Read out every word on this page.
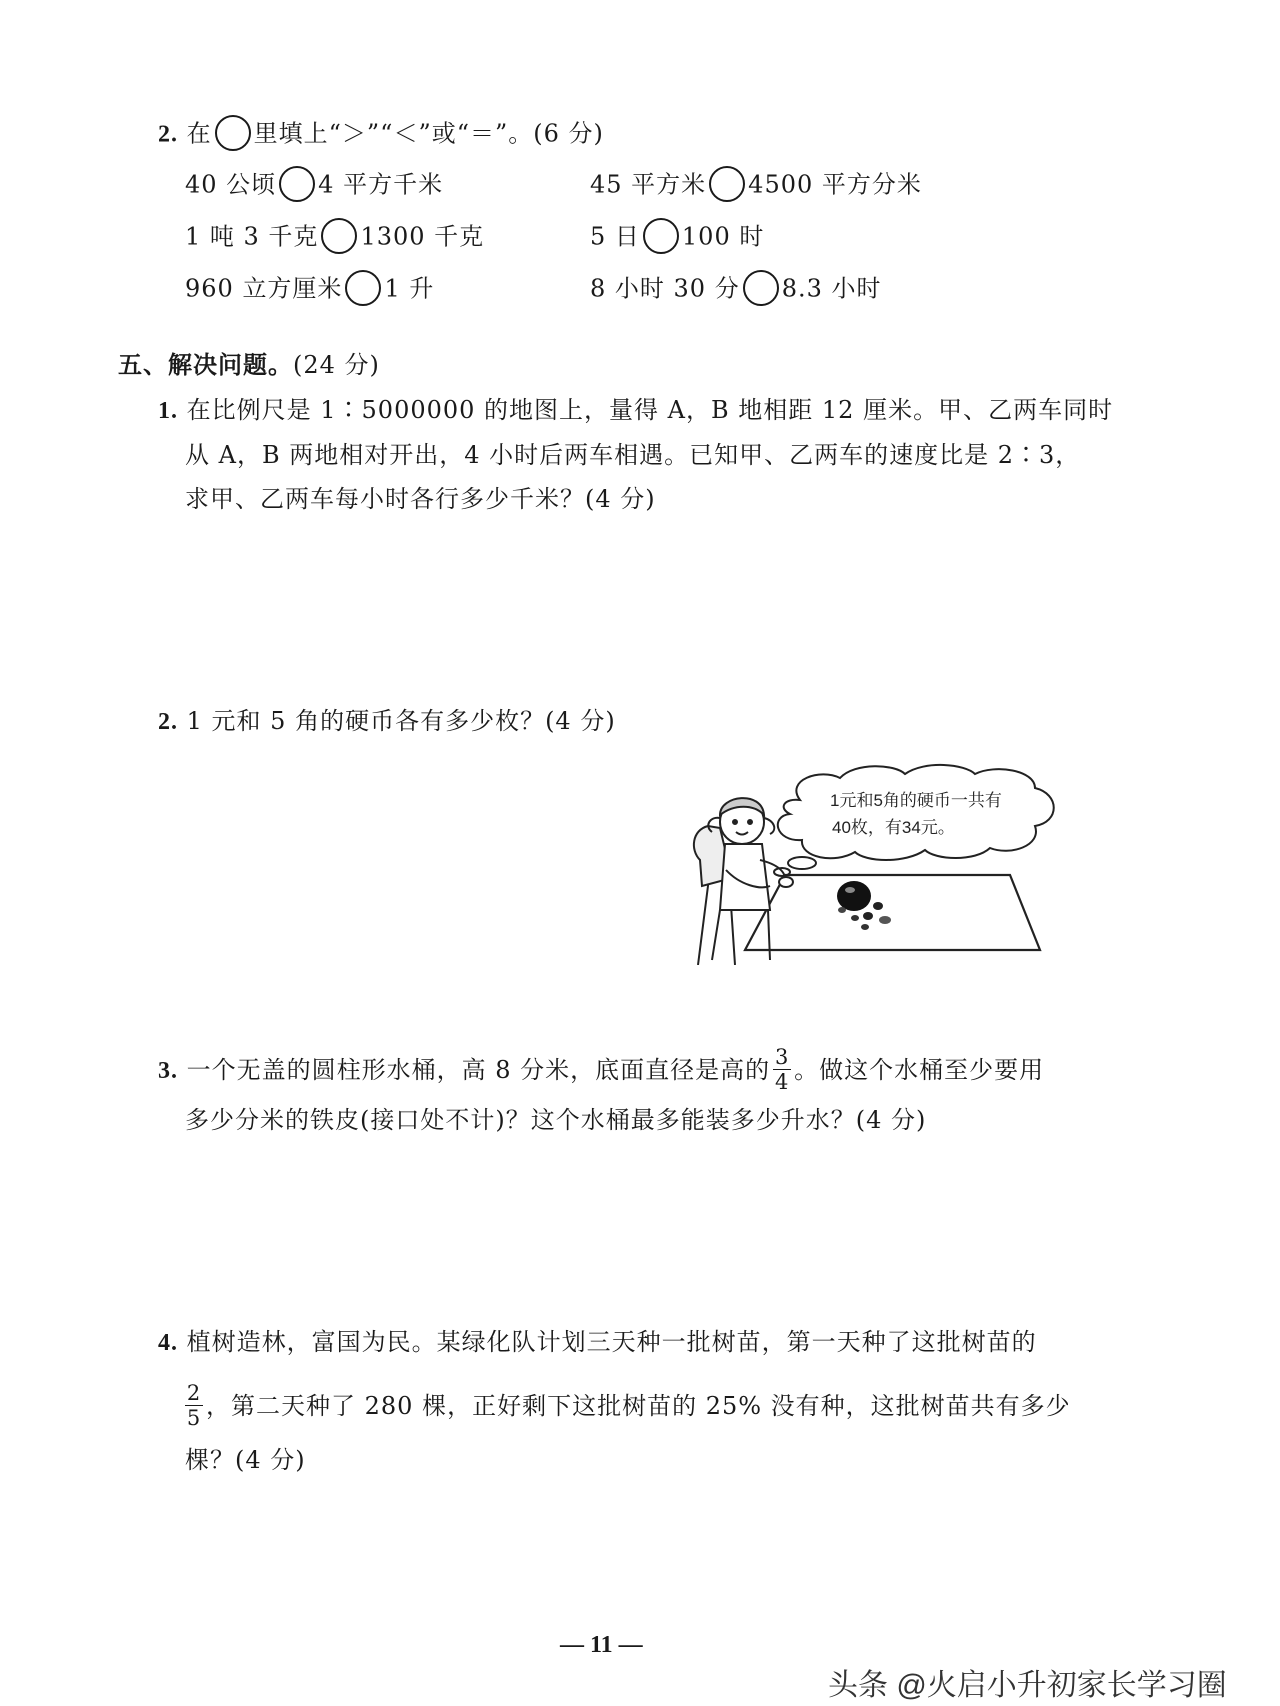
2. 在 里填上“＞”“＜”或“＝”。(6 分)
40 公顷 4 平方千米	45 平方米 4500 平方分米
1 吨 3 千克 1300 千克	5 日 100 时
960 立方厘米 1 升	8 小时 30 分 8.3 小时
五、解决问题。(24 分)
1. 在比例尺是 1∶5000000 的地图上，量得 A，B 地相距 12 厘米。甲、乙两车同时
从 A，B 两地相对开出，4 小时后两车相遇。已知甲、乙两车的速度比是 2∶3，
求甲、乙两车每小时各行多少千米？(4 分)
2. 1 元和 5 角的硬币各有多少枚？(4 分)
1元和5角的硬币一共有
40枚，有34元。
3. 一个无盖的圆柱形水桶，高 8 分米，底面直径是高的 $\frac{3}{4}$ 。做这个水桶至少要用
多少分米的铁皮(接口处不计)？这个水桶最多能装多少升水？(4 分)
4. 植树造林，富国为民。某绿化队计划三天种一批树苗，第一天种了这批树苗的
$\frac{2}{5}$ ，第二天种了 280 棵，正好剩下这批树苗的 25% 没有种，这批树苗共有多少
棵？(4 分)
— 11 —
头条 @火启小升初家长学习圈
